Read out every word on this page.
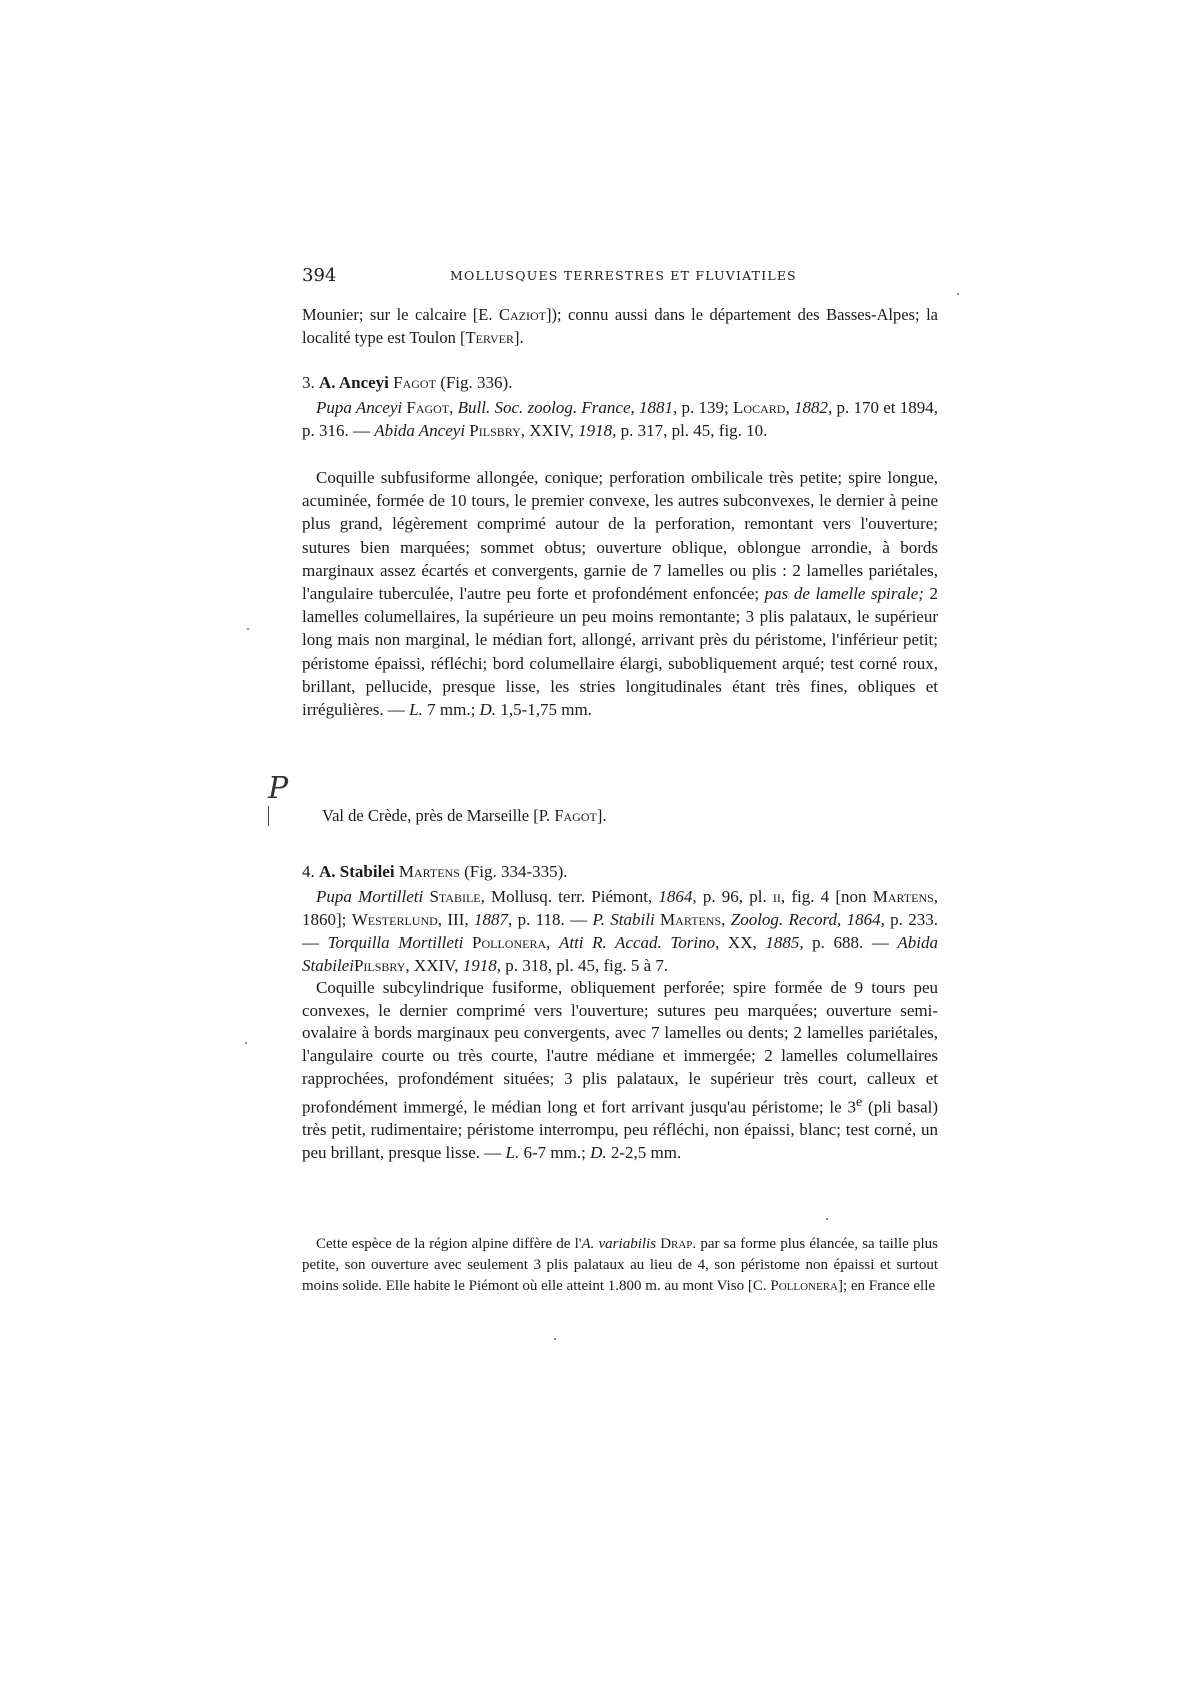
394	MOLLUSQUES TERRESTRES ET FLUVIATILES

Mounier; sur le calcaire [E. Caziot]); connu aussi dans le département des Basses-Alpes; la localité type est Toulon [Terver].

3. A. Anceyi Fagot (Fig. 336).

Pupa Anceyi Fagot, Bull. Soc. zoolog. France, 1881, p. 139; Locard, 1882, p. 170 et 1894, p. 316. — Abida Anceyi Pilsbry, XXIV, 1918, p. 317, pl. 45, fig. 10.

Coquille subfusiforme allongée, conique; perforation ombilicale très petite; spire longue, acuminée, formée de 10 tours, le premier convexe, les autres subconvexes, le dernier à peine plus grand, légèrement comprimé autour de la perforation, remontant vers l'ouverture; sutures bien marquées; sommet obtus; ouverture oblique, oblongue arrondie, à bords marginaux assez écartés et convergents, garnie de 7 lamelles ou plis : 2 lamelles pariétales, l'angulaire tuberculée, l'autre peu forte et profondément enfoncée; pas de lamelle spirale; 2 lamelles columellaires, la supérieure un peu moins remontante; 3 plis palataux, le supérieur long mais non marginal, le médian fort, allongé, arrivant près du péristome, l'inférieur petit; péristome épaissi, réfléchi; bord columellaire élargi, subobliquement arqué; test corné roux, brillant, pellucide, presque lisse, les stries longitudinales étant très fines, obliques et irrégulières. — L. 7 mm.; D. 1,5-1,75 mm.

Val de Crède, près de Marseille [P. Fagot].

P

4. A. Stabilei Martens (Fig. 334-335).

Pupa Mortilleti Stabile, Mollusq. terr. Piémont, 1864, p. 96, pl. ii, fig. 4 [non Martens, 1860]; Westerlund, III, 1887, p. 118. — P. Stabili Martens, Zoolog. Record, 1864, p. 233. — Torquilla Mortilleti Pollonera, Atti R. Accad. Torino, XX, 1885, p. 688. — Abida StabileiPilsbry, XXIV, 1918, p. 318, pl. 45, fig. 5 à 7.

Coquille subcylindrique fusiforme, obliquement perforée; spire formée de 9 tours peu convexes, le dernier comprimé vers l'ouverture; sutures peu marquées; ouverture semi-ovalaire à bords marginaux peu convergents, avec 7 lamelles ou dents; 2 lamelles pariétales, l'angulaire courte ou très courte, l'autre médiane et immergée; 2 lamelles columellaires rapprochées, profondément situées; 3 plis palataux, le supérieur très court, calleux et profondément immergé, le médian long et fort arrivant jusqu'au péristome; le 3e (pli basal) très petit, rudimentaire; péristome interrompu, peu réfléchi, non épaissi, blanc; test corné, un peu brillant, presque lisse. — L. 6-7 mm.; D. 2-2,5 mm.

Cette espèce de la région alpine diffère de l'A. variabilis Drap. par sa forme plus élancée, sa taille plus petite, son ouverture avec seulement 3 plis palataux au lieu de 4, son péristome non épaissi et surtout moins solide. Elle habite le Piémont où elle atteint 1.800 m. au mont Viso [C. Pollonera]; en France elle
